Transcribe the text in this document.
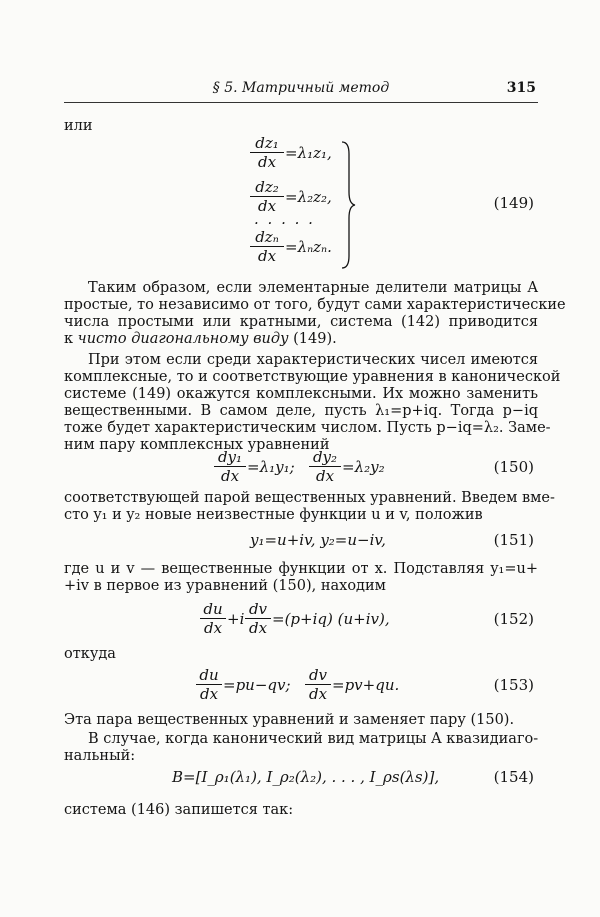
§ 5. Матричный метод	315
или
$\frac{\text{dz₁}}{dx} =\lambda_1z_1$,
$\frac{\text{dz₂}}{dx} =\lambda_2z_2$,
. . . . .
dzₙ
dx =λₙzₙ.
(149)
Таким образом, если элементарные делители матрицы A
простые, то независимо от того, будут сами характеристические
числа простыми или кратными, система (142) приводится
к чисто диагональному виду (149).
При этом если среди характеристических чисел имеются
комплексные, то и соответствующие уравнения в канонической
системе (149) окажутся комплексными. Их можно заменить
вещественными. В самом деле, пусть λ₁=p+iq. Тогда p−iq
тоже будет характеристическим числом. Пусть p−iq=λ₂. Заме-
ним пару комплексных уравнений
$\frac{\text{dy₁}}{dx} =\lambda_1y_1$; $\frac{\text{dy₂}}{dx} =\lambda_2y_2$	(150)
соответствующей парой вещественных уравнений. Введем вме-
сто y₁ и y₂ новые неизвестные функции u и v, положив
y₁=u+iv, y₂=u−iv,	(151)
где u и v — вещественные функции от x. Подставляя y₁=u+
+iv в первое из уравнений (150), находим
$\frac{du}{dx} +i \frac{dv}{dx} =(p+iq)$ (u+iv),	(152)
откуда
$\frac{du}{dx} =pu-qv$; $\frac{dv}{dx} =pv+qu$.	(153)
Эта пара вещественных уравнений и заменяет пару (150).
В случае, когда канонический вид матрицы A квазидиаго-
нальный:
B=[I_ρ₁(λ₁), I_ρ₂(λ₂), . . . , I_ρs(λs)],	(154)
система (146) запишется так:
